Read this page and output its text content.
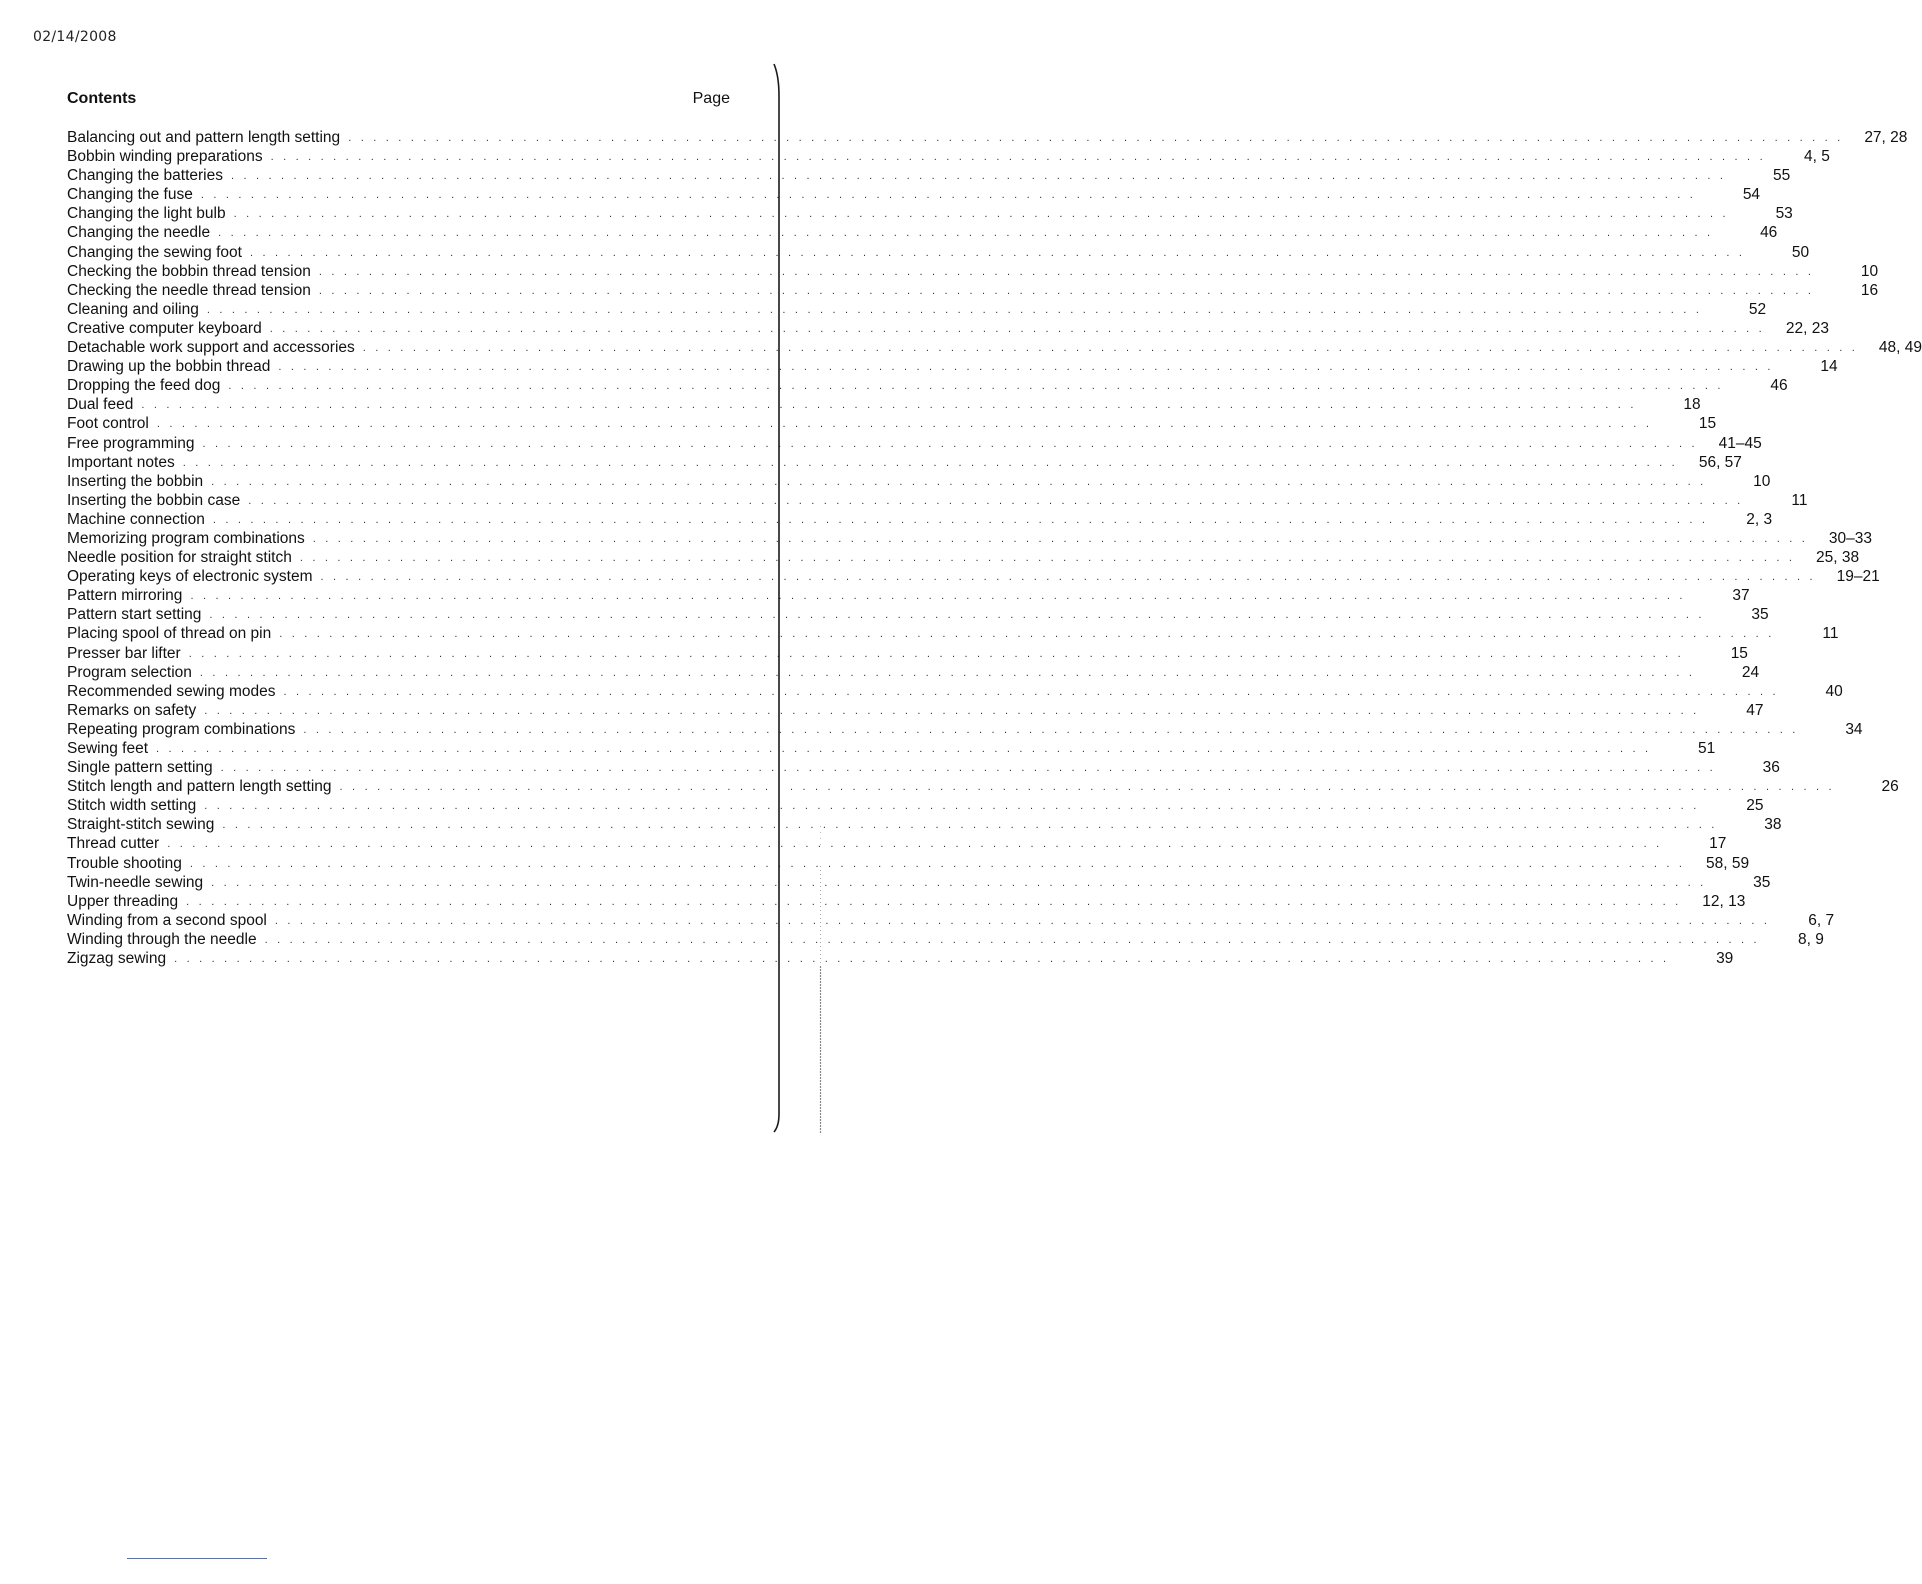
02/14/2008
Contents	Page
Balancing out and pattern length setting . . . . . . . . . . . . . . . . . . . . . . . . . . . . . . . . . . . . . . . . . . . . . . . . . . . . . . . . . . . . . . . . . . . . . . . . . . . . . . . . . . . . . . . . . . . . . . . . . . . . . . . . . . . . . . . . . . . . . . . .	27, 28
Bobbin winding preparations . . . . . . . . . . . . . . . . . . . . . . . . . . . . . . . . . . . . . . . . . . . . . . . . . . . . . . . . . . . . . . . . . . . . . . . . . . . . . . . . . . . . . . . . . . . . . . . . . . . . . . . . . . . . . . . . . . . . . . . .	4, 5
Changing the batteries . . . . . . . . . . . . . . . . . . . . . . . . . . . . . . . . . . . . . . . . . . . . . . . . . . . . . . . . . . . . . . . . . . . . . . . . . . . . . . . . . . . . . . . . . . . . . . . . . . . . . . . . . . . . . . . . . . . . . . . .	55
Changing the fuse . . . . . . . . . . . . . . . . . . . . . . . . . . . . . . . . . . . . . . . . . . . . . . . . . . . . . . . . . . . . . . . . . . . . . . . . . . . . . . . . . . . . . . . . . . . . . . . . . . . . . . . . . . . . . . . . . . . . . . . .	54
Changing the light bulb . . . . . . . . . . . . . . . . . . . . . . . . . . . . . . . . . . . . . . . . . . . . . . . . . . . . . . . . . . . . . . . . . . . . . . . . . . . . . . . . . . . . . . . . . . . . . . . . . . . . . . . . . . . . . . . . . . . . . . . .	53
Changing the needle . . . . . . . . . . . . . . . . . . . . . . . . . . . . . . . . . . . . . . . . . . . . . . . . . . . . . . . . . . . . . . . . . . . . . . . . . . . . . . . . . . . . . . . . . . . . . . . . . . . . . . . . . . . . . . . . . . . . . . . .	46
Changing the sewing foot . . . . . . . . . . . . . . . . . . . . . . . . . . . . . . . . . . . . . . . . . . . . . . . . . . . . . . . . . . . . . . . . . . . . . . . . . . . . . . . . . . . . . . . . . . . . . . . . . . . . . . . . . . . . . . . . . . . . . . . .	50
Checking the bobbin thread tension . . . . . . . . . . . . . . . . . . . . . . . . . . . . . . . . . . . . . . . . . . . . . . . . . . . . . . . . . . . . . . . . . . . . . . . . . . . . . . . . . . . . . . . . . . . . . . . . . . . . . . . . . . . . . . . . . . . . . . . .	10
Checking the needle thread tension . . . . . . . . . . . . . . . . . . . . . . . . . . . . . . . . . . . . . . . . . . . . . . . . . . . . . . . . . . . . . . . . . . . . . . . . . . . . . . . . . . . . . . . . . . . . . . . . . . . . . . . . . . . . . . . . . . . . . . . .	16
Cleaning and oiling . . . . . . . . . . . . . . . . . . . . . . . . . . . . . . . . . . . . . . . . . . . . . . . . . . . . . . . . . . . . . . . . . . . . . . . . . . . . . . . . . . . . . . . . . . . . . . . . . . . . . . . . . . . . . . . . . . . . . . . .	52
Creative computer keyboard . . . . . . . . . . . . . . . . . . . . . . . . . . . . . . . . . . . . . . . . . . . . . . . . . . . . . . . . . . . . . . . . . . . . . . . . . . . . . . . . . . . . . . . . . . . . . . . . . . . . . . . . . . . . . . . . . . . . . . . .	22, 23
Detachable work support and accessories . . . . . . . . . . . . . . . . . . . . . . . . . . . . . . . . . . . . . . . . . . . . . . . . . . . . . . . . . . . . . . . . . . . . . . . . . . . . . . . . . . . . . . . . . . . . . . . . . . . . . . . . . . . . . . . . . . . . . . . .	48, 49
Drawing up the bobbin thread . . . . . . . . . . . . . . . . . . . . . . . . . . . . . . . . . . . . . . . . . . . . . . . . . . . . . . . . . . . . . . . . . . . . . . . . . . . . . . . . . . . . . . . . . . . . . . . . . . . . . . . . . . . . . . . . . . . . . . . .	14
Dropping the feed dog . . . . . . . . . . . . . . . . . . . . . . . . . . . . . . . . . . . . . . . . . . . . . . . . . . . . . . . . . . . . . . . . . . . . . . . . . . . . . . . . . . . . . . . . . . . . . . . . . . . . . . . . . . . . . . . . . . . . . . . .	46
Dual feed . . . . . . . . . . . . . . . . . . . . . . . . . . . . . . . . . . . . . . . . . . . . . . . . . . . . . . . . . . . . . . . . . . . . . . . . . . . . . . . . . . . . . . . . . . . . . . . . . . . . . . . . . . . . . . . . . . . . . . . .	18
Foot control . . . . . . . . . . . . . . . . . . . . . . . . . . . . . . . . . . . . . . . . . . . . . . . . . . . . . . . . . . . . . . . . . . . . . . . . . . . . . . . . . . . . . . . . . . . . . . . . . . . . . . . . . . . . . . . . . . . . . . . .	15
Free programming . . . . . . . . . . . . . . . . . . . . . . . . . . . . . . . . . . . . . . . . . . . . . . . . . . . . . . . . . . . . . . . . . . . . . . . . . . . . . . . . . . . . . . . . . . . . . . . . . . . . . . . . . . . . . . . . . . . . . . . .	41–45
Important notes . . . . . . . . . . . . . . . . . . . . . . . . . . . . . . . . . . . . . . . . . . . . . . . . . . . . . . . . . . . . . . . . . . . . . . . . . . . . . . . . . . . . . . . . . . . . . . . . . . . . . . . . . . . . . . . . . . . . . . . .	56, 57
Inserting the bobbin . . . . . . . . . . . . . . . . . . . . . . . . . . . . . . . . . . . . . . . . . . . . . . . . . . . . . . . . . . . . . . . . . . . . . . . . . . . . . . . . . . . . . . . . . . . . . . . . . . . . . . . . . . . . . . . . . . . . . . . .	10
Inserting the bobbin case . . . . . . . . . . . . . . . . . . . . . . . . . . . . . . . . . . . . . . . . . . . . . . . . . . . . . . . . . . . . . . . . . . . . . . . . . . . . . . . . . . . . . . . . . . . . . . . . . . . . . . . . . . . . . . . . . . . . . . . .	11
Machine connection . . . . . . . . . . . . . . . . . . . . . . . . . . . . . . . . . . . . . . . . . . . . . . . . . . . . . . . . . . . . . . . . . . . . . . . . . . . . . . . . . . . . . . . . . . . . . . . . . . . . . . . . . . . . . . . . . . . . . . . .	2, 3
Memorizing program combinations . . . . . . . . . . . . . . . . . . . . . . . . . . . . . . . . . . . . . . . . . . . . . . . . . . . . . . . . . . . . . . . . . . . . . . . . . . . . . . . . . . . . . . . . . . . . . . . . . . . . . . . . . . . . . . . . . . . . . . . .	30–33
Needle position for straight stitch . . . . . . . . . . . . . . . . . . . . . . . . . . . . . . . . . . . . . . . . . . . . . . . . . . . . . . . . . . . . . . . . . . . . . . . . . . . . . . . . . . . . . . . . . . . . . . . . . . . . . . . . . . . . . . . . . . . . . . . .	25, 38
Operating keys of electronic system . . . . . . . . . . . . . . . . . . . . . . . . . . . . . . . . . . . . . . . . . . . . . . . . . . . . . . . . . . . . . . . . . . . . . . . . . . . . . . . . . . . . . . . . . . . . . . . . . . . . . . . . . . . . . . . . . . . . . . . .	19–21
Pattern mirroring . . . . . . . . . . . . . . . . . . . . . . . . . . . . . . . . . . . . . . . . . . . . . . . . . . . . . . . . . . . . . . . . . . . . . . . . . . . . . . . . . . . . . . . . . . . . . . . . . . . . . . . . . . . . . . . . . . . . . . . .	37
Pattern start setting . . . . . . . . . . . . . . . . . . . . . . . . . . . . . . . . . . . . . . . . . . . . . . . . . . . . . . . . . . . . . . . . . . . . . . . . . . . . . . . . . . . . . . . . . . . . . . . . . . . . . . . . . . . . . . . . . . . . . . . .	35
Placing spool of thread on pin . . . . . . . . . . . . . . . . . . . . . . . . . . . . . . . . . . . . . . . . . . . . . . . . . . . . . . . . . . . . . . . . . . . . . . . . . . . . . . . . . . . . . . . . . . . . . . . . . . . . . . . . . . . . . . . . . . . . . . . .	11
Presser bar lifter . . . . . . . . . . . . . . . . . . . . . . . . . . . . . . . . . . . . . . . . . . . . . . . . . . . . . . . . . . . . . . . . . . . . . . . . . . . . . . . . . . . . . . . . . . . . . . . . . . . . . . . . . . . . . . . . . . . . . . . .	15
Program selection . . . . . . . . . . . . . . . . . . . . . . . . . . . . . . . . . . . . . . . . . . . . . . . . . . . . . . . . . . . . . . . . . . . . . . . . . . . . . . . . . . . . . . . . . . . . . . . . . . . . . . . . . . . . . . . . . . . . . . . .	24
Recommended sewing modes . . . . . . . . . . . . . . . . . . . . . . . . . . . . . . . . . . . . . . . . . . . . . . . . . . . . . . . . . . . . . . . . . . . . . . . . . . . . . . . . . . . . . . . . . . . . . . . . . . . . . . . . . . . . . . . . . . . . . . . .	40
Remarks on safety . . . . . . . . . . . . . . . . . . . . . . . . . . . . . . . . . . . . . . . . . . . . . . . . . . . . . . . . . . . . . . . . . . . . . . . . . . . . . . . . . . . . . . . . . . . . . . . . . . . . . . . . . . . . . . . . . . . . . . . .	47
Repeating program combinations . . . . . . . . . . . . . . . . . . . . . . . . . . . . . . . . . . . . . . . . . . . . . . . . . . . . . . . . . . . . . . . . . . . . . . . . . . . . . . . . . . . . . . . . . . . . . . . . . . . . . . . . . . . . . . . . . . . . . . . .	34
Sewing feet . . . . . . . . . . . . . . . . . . . . . . . . . . . . . . . . . . . . . . . . . . . . . . . . . . . . . . . . . . . . . . . . . . . . . . . . . . . . . . . . . . . . . . . . . . . . . . . . . . . . . . . . . . . . . . . . . . . . . . . .	51
Single pattern setting . . . . . . . . . . . . . . . . . . . . . . . . . . . . . . . . . . . . . . . . . . . . . . . . . . . . . . . . . . . . . . . . . . . . . . . . . . . . . . . . . . . . . . . . . . . . . . . . . . . . . . . . . . . . . . . . . . . . . . . .	36
Stitch length and pattern length setting . . . . . . . . . . . . . . . . . . . . . . . . . . . . . . . . . . . . . . . . . . . . . . . . . . . . . . . . . . . . . . . . . . . . . . . . . . . . . . . . . . . . . . . . . . . . . . . . . . . . . . . . . . . . . . . . . . . . . . . .	26
Stitch width setting . . . . . . . . . . . . . . . . . . . . . . . . . . . . . . . . . . . . . . . . . . . . . . . . . . . . . . . . . . . . . . . . . . . . . . . . . . . . . . . . . . . . . . . . . . . . . . . . . . . . . . . . . . . . . . . . . . . . . . . .	25
Straight-stitch sewing . . . . . . . . . . . . . . . . . . . . . . . . . . . . . . . . . . . . . . . . . . . . . . . . . . . . . . . . . . . . . . . . . . . . . . . . . . . . . . . . . . . . . . . . . . . . . . . . . . . . . . . . . . . . . . . . . . . . . . . .	38
Thread cutter . . . . . . . . . . . . . . . . . . . . . . . . . . . . . . . . . . . . . . . . . . . . . . . . . . . . . . . . . . . . . . . . . . . . . . . . . . . . . . . . . . . . . . . . . . . . . . . . . . . . . . . . . . . . . . . . . . . . . . . .	17
Trouble shooting . . . . . . . . . . . . . . . . . . . . . . . . . . . . . . . . . . . . . . . . . . . . . . . . . . . . . . . . . . . . . . . . . . . . . . . . . . . . . . . . . . . . . . . . . . . . . . . . . . . . . . . . . . . . . . . . . . . . . . . .	58, 59
Twin-needle sewing . . . . . . . . . . . . . . . . . . . . . . . . . . . . . . . . . . . . . . . . . . . . . . . . . . . . . . . . . . . . . . . . . . . . . . . . . . . . . . . . . . . . . . . . . . . . . . . . . . . . . . . . . . . . . . . . . . . . . . . .	35
Upper threading . . . . . . . . . . . . . . . . . . . . . . . . . . . . . . . . . . . . . . . . . . . . . . . . . . . . . . . . . . . . . . . . . . . . . . . . . . . . . . . . . . . . . . . . . . . . . . . . . . . . . . . . . . . . . . . . . . . . . . . .	12, 13
Winding from a second spool . . . . . . . . . . . . . . . . . . . . . . . . . . . . . . . . . . . . . . . . . . . . . . . . . . . . . . . . . . . . . . . . . . . . . . . . . . . . . . . . . . . . . . . . . . . . . . . . . . . . . . . . . . . . . . . . . . . . . . . .	6, 7
Winding through the needle . . . . . . . . . . . . . . . . . . . . . . . . . . . . . . . . . . . . . . . . . . . . . . . . . . . . . . . . . . . . . . . . . . . . . . . . . . . . . . . . . . . . . . . . . . . . . . . . . . . . . . . . . . . . . . . . . . . . . . . .	8, 9
Zigzag sewing . . . . . . . . . . . . . . . . . . . . . . . . . . . . . . . . . . . . . . . . . . . . . . . . . . . . . . . . . . . . . . . . . . . . . . . . . . . . . . . . . . . . . . . . . . . . . . . . . . . . . . . . . . . . . . . . . . . . . . . .	39
